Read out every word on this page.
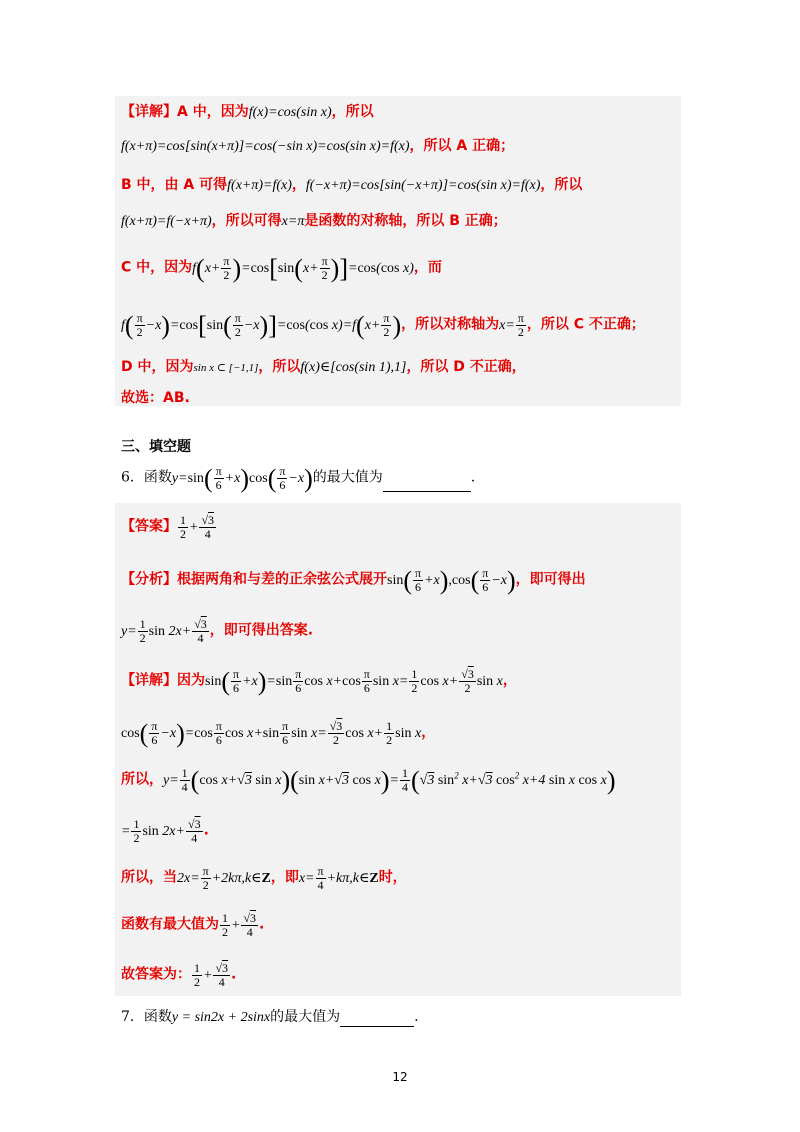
【详解】A 中，因为f(x)=cos(sin x)，所以
f(x+π)=cos[sin(x+π)]=cos(−sin x)=cos(sin x)=f(x)，所以 A 正确；
B 中，由 A 可得f(x+π)=f(x)，f(−x+π)=cos[sin(−x+π)]=cos(sin x)=f(x)，所以
f(x+π)=f(−x+π)，所以可得x=π是函数的对称轴，所以 B 正确；
C 中，因为$f(x+ \frac{\pi}{2} )=\cos[\sin(x+ \frac{\pi}{2} )]=\cos(\cos$ x)，而
$f( \frac{\pi}{2} -x)=\cos[\sin( \frac{\pi}{2} -x)]=\cos(\cos$ $x)=f(x+ \frac{\pi}{2}$ )，所以对称轴为$x= \frac{\pi}{2}$ ，所以 C 不正确；
D 中，因为sin x ⊂ [−1,1]，所以f(x)∈[cos(sin 1),1]，所以 D 不正确，
故选：AB.
三、填空题
6．函数$y=\sin( \frac{\pi}{6} +x)\cos( \frac{\pi}{6} -x)$的最大值为	.
【答案】 $\frac{1}{2} + \frac{√3}{4}$
【分析】根据两角和与差的正余弦公式展开$\sin( \frac{\pi}{6} +x),\cos( \frac{\pi}{6} -x)$，即可得出
$y= \frac{1}{2}$ $\sin 2x+ \frac{√3}{4}$ ，即可得出答案.
【详解】因为$\sin( \frac{\pi}{6} +x)=\sin \frac{\pi}{6}$ $\cos x+\cos \frac{\pi}{6}$ $\sin x= \frac{1}{2}$ $\cos x+ \frac{√3}{2}$ sin x，
$\cos( \frac{\pi}{6} -x)=\cos \frac{\pi}{6}$ $\cos x+\sin \frac{\pi}{6}$ $\sin x= \frac{√3}{2}$ $\cos x+ \frac{1}{2}$ sin x，
所以，$y= \frac{1}{4} (\cos$ x+√3 sin x)(sin x+√3 $\cos x)= \frac{1}{4} (√3$ $\sin^2 x+√3$ $\cos^2 x+4$ sin x cos x)
= $\frac{1}{2}$ $\sin 2x+ \frac{√3}{4}$ .
所以，当$2x= \frac{\pi}{2}$ +2kπ,k∈Z，即$x= \frac{\pi}{4}$ +kπ,k∈Z时，
函数有最大值为 $\frac{1}{2} + \frac{√3}{4}$ .
故答案为： $\frac{1}{2} + \frac{√3}{4}$ .
7．函数y = sin2x + 2sinx的最大值为	.
12
